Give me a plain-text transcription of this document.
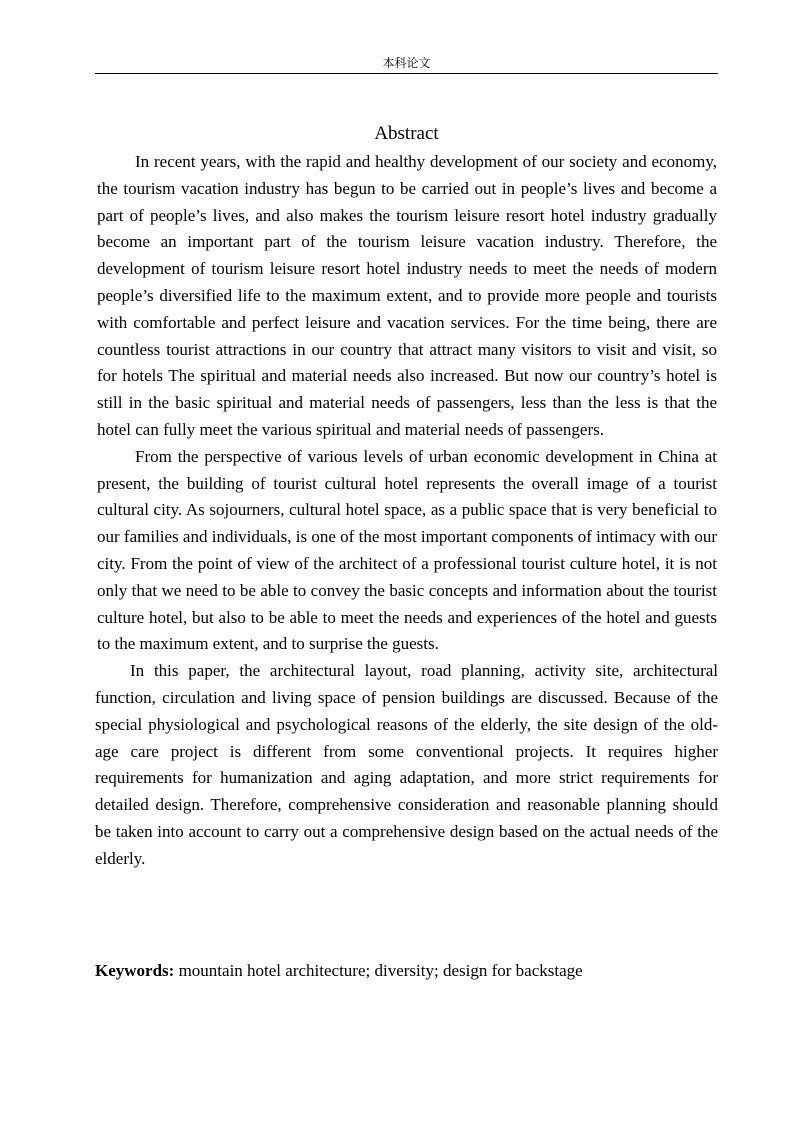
本科论文
Abstract

In recent years, with the rapid and healthy development of our society and economy, the tourism vacation industry has begun to be carried out in people’s lives and become a part of people’s lives, and also makes the tourism leisure resort hotel industry gradually become an important part of the tourism leisure vacation industry. Therefore, the development of tourism leisure resort hotel industry needs to meet the needs of modern people’s diversified life to the maximum extent, and to provide more people and tourists with comfortable and perfect leisure and vacation services. For the time being, there are countless tourist attractions in our country that attract many visitors to visit and visit, so for hotels The spiritual and material needs also increased. But now our country’s hotel is still in the basic spiritual and material needs of passengers, less than the less is that the hotel can fully meet the various spiritual and material needs of passengers.

From the perspective of various levels of urban economic development in China at present, the building of tourist cultural hotel represents the overall image of a tourist cultural city. As sojourners, cultural hotel space, as a public space that is very beneficial to our families and individuals, is one of the most important components of intimacy with our city. From the point of view of the architect of a professional tourist culture hotel, it is not only that we need to be able to convey the basic concepts and information about the tourist culture hotel, but also to be able to meet the needs and experiences of the hotel and guests to the maximum extent, and to surprise the guests.

In this paper, the architectural layout, road planning, activity site, architectural function, circulation and living space of pension buildings are discussed. Because of the special physiological and psychological reasons of the elderly, the site design of the old-age care project is different from some conventional projects. It requires higher requirements for humanization and aging adaptation, and more strict requirements for detailed design. Therefore, comprehensive consideration and reasonable planning should be taken into account to carry out a comprehensive design based on the actual needs of the elderly.

Keywords: mountain hotel architecture; diversity; design for backstage
